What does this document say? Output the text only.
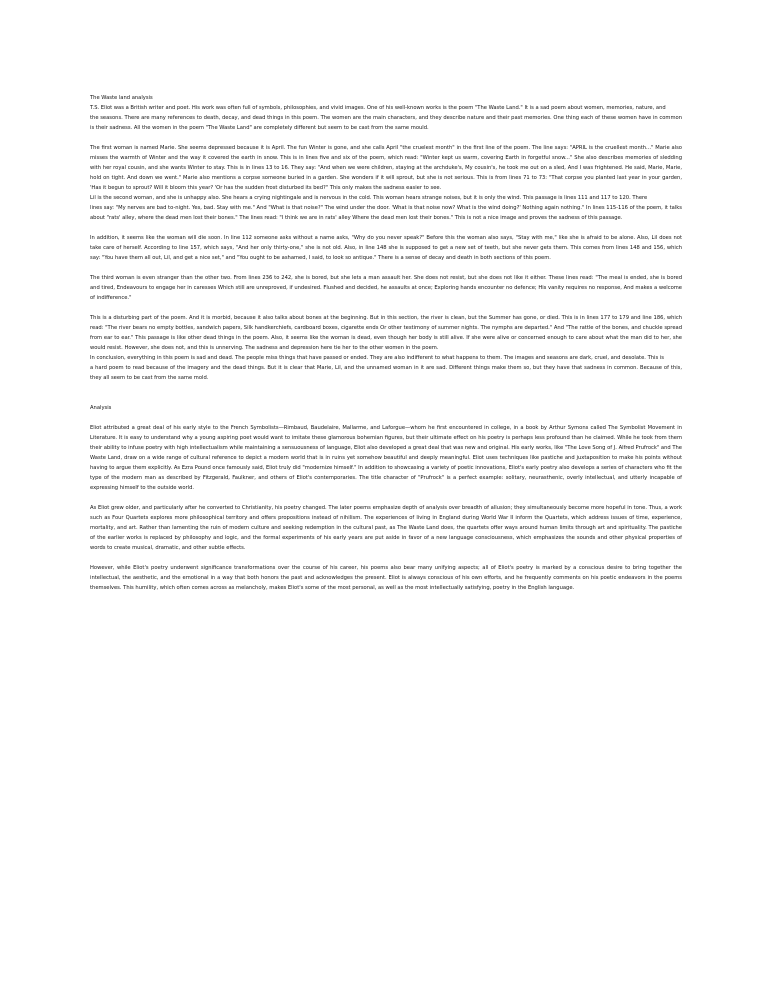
The Waste land analysis
T.S. Eliot was a British writer and poet. His work was often full of symbols, philosophies, and vivid images. One of his well-known works is the poem "The Waste Land." It is a sad poem about women, memories, nature, and
the seasons. There are many references to death, decay, and dead things in this poem. The women are the main characters, and they describe nature and their past memories. One thing each of these women have in common is their sadness. All the women in the poem "The Waste Land" are completely different but seem to be cast from the same mould.
The first woman is named Marie. She seems depressed because it is April. The fun Winter is gone, and she calls April "the cruelest month" in the first line of the poem. The line says: "APRIL is the cruellest month..." Marie also misses the warmth of Winter and the way it covered the earth in snow. This is in lines five and six of the poem, which read: "Winter kept us warm, covering Earth in forgetful snow..." She also describes memories of sledding with her royal cousin, and she wants Winter to stay. This is in lines 13 to 16. They say: "And when we were children, staying at the archduke's, My cousin's, he took me out on a sled, And I was frightened. He said, Marie, Marie, hold on tight. And down we went." Marie also mentions a corpse someone buried in a garden. She wonders if it will sprout, but she is not serious. This is from lines 71 to 73: "That corpse you planted last year in your garden, 'Has it begun to sprout? Will it bloom this year? 'Or has the sudden frost disturbed its bed?" This only makes the sadness easier to see.
Lil is the second woman, and she is unhappy also. She hears a crying nightingale and is nervous in the cold. This woman hears strange noises, but it is only the wind. This passage is lines 111 and 117 to 120. There
lines say: "My nerves are bad to-night. Yes, bad. Stay with me." And "What is that noise?" The wind under the door. 'What is that noise now? What is the wind doing?' Nothing again nothing." In lines 115-116 of the poem, it talks about "rats' alley, where the dead men lost their bones." The lines read: "I think we are in rats' alley Where the dead men lost their bones." This is not a nice image and proves the sadness of this passage.
In addition, it seems like the woman will die soon. In line 112 someone asks without a name asks, "Why do you never speak?" Before this the woman also says, "Stay with me," like she is afraid to be alone. Also, Lil does not take care of herself. According to line 157, which says, "And her only thirty-one," she is not old. Also, in line 148 she is supposed to get a new set of teeth, but she never gets them. This comes from lines 148 and 156, which say: "You have them all out, Lil, and get a nice set," and "You ought to be ashamed, I said, to look so antique." There is a sense of decay and death in both sections of this poem.
The third woman is even stranger than the other two. From lines 236 to 242, she is bored, but she lets a man assault her. She does not resist, but she does not like it either. These lines read: "The meal is ended, she is bored and tired, Endeavours to engage her in caresses Which still are unreproved, if undesired. Flushed and decided, he assaults at once; Exploring hands encounter no defence; His vanity requires no response, And makes a welcome of indifference."
This is a disturbing part of the poem. And it is morbid, because it also talks about bones at the beginning. But in this section, the river is clean, but the Summer has gone, or died. This is in lines 177 to 179 and line 186, which read: "The river bears no empty bottles, sandwich papers, Silk handkerchiefs, cardboard boxes, cigarette ends Or other testimony of summer nights. The nymphs are departed." And "The rattle of the bones, and chuckle spread from ear to ear." This passage is like other dead things in the poem. Also, it seems like the woman is dead, even though her body is still alive. If she were alive or concerned enough to care about what the man did to her, she would resist. However, she does not, and this is unnerving. The sadness and depression here tie her to the other women in the poem.
In conclusion, everything in this poem is sad and dead. The people miss things that have passed or ended. They are also indifferent to what happens to them. The images and seasons are dark, cruel, and desolate. This is
a hard poem to read because of the imagery and the dead things. But it is clear that Marie, Lil, and the unnamed woman in it are sad. Different things make them so, but they have that sadness in common. Because of this, they all seem to be cast from the same mold.
Analysis
Eliot attributed a great deal of his early style to the French Symbolists—Rimbaud, Baudelaire, Mallarme, and Laforgue—whom he first encountered in college, in a book by Arthur Symons called The Symbolist Movement in Literature. It is easy to understand why a young aspiring poet would want to imitate these glamorous bohemian figures, but their ultimate effect on his poetry is perhaps less profound than he claimed. While he took from them their ability to infuse poetry with high intellectualism while maintaining a sensuousness of language, Eliot also developed a great deal that was new and original. His early works, like "The Love Song of J. Alfred Prufrock" and The Waste Land, draw on a wide range of cultural reference to depict a modern world that is in ruins yet somehow beautiful and deeply meaningful. Eliot uses techniques like pastiche and juxtaposition to make his points without having to argue them explicitly. As Ezra Pound once famously said, Eliot truly did "modernize himself." In addition to showcasing a variety of poetic innovations, Eliot's early poetry also develops a series of characters who fit the type of the modern man as described by Fitzgerald, Faulkner, and others of Eliot's contemporaries. The title character of "Prufrock" is a perfect example: solitary, neurasthenic, overly intellectual, and utterly incapable of expressing himself to the outside world.
As Eliot grew older, and particularly after he converted to Christianity, his poetry changed. The later poems emphasize depth of analysis over breadth of allusion; they simultaneously become more hopeful in tone. Thus, a work such as Four Quartets explores more philosophical territory and offers propositions instead of nihilism. The experiences of living in England during World War II inform the Quartets, which address issues of time, experience, mortality, and art. Rather than lamenting the ruin of modern culture and seeking redemption in the cultural past, as The Waste Land does, the quartets offer ways around human limits through art and spirituality. The pastiche of the earlier works is replaced by philosophy and logic, and the formal experiments of his early years are put aside in favor of a new language consciousness, which emphasizes the sounds and other physical properties of words to create musical, dramatic, and other subtle effects.
However, while Eliot's poetry underwent significance transformations over the course of his career, his poems also bear many unifying aspects; all of Eliot's poetry is marked by a conscious desire to bring together the intellectual, the aesthetic, and the emotional in a way that both honors the past and acknowledges the present. Eliot is always conscious of his own efforts, and he frequently comments on his poetic endeavors in the poems themselves. This humility, which often comes across as melancholy, makes Eliot's some of the most personal, as well as the most intellectually satisfying, poetry in the English language.
